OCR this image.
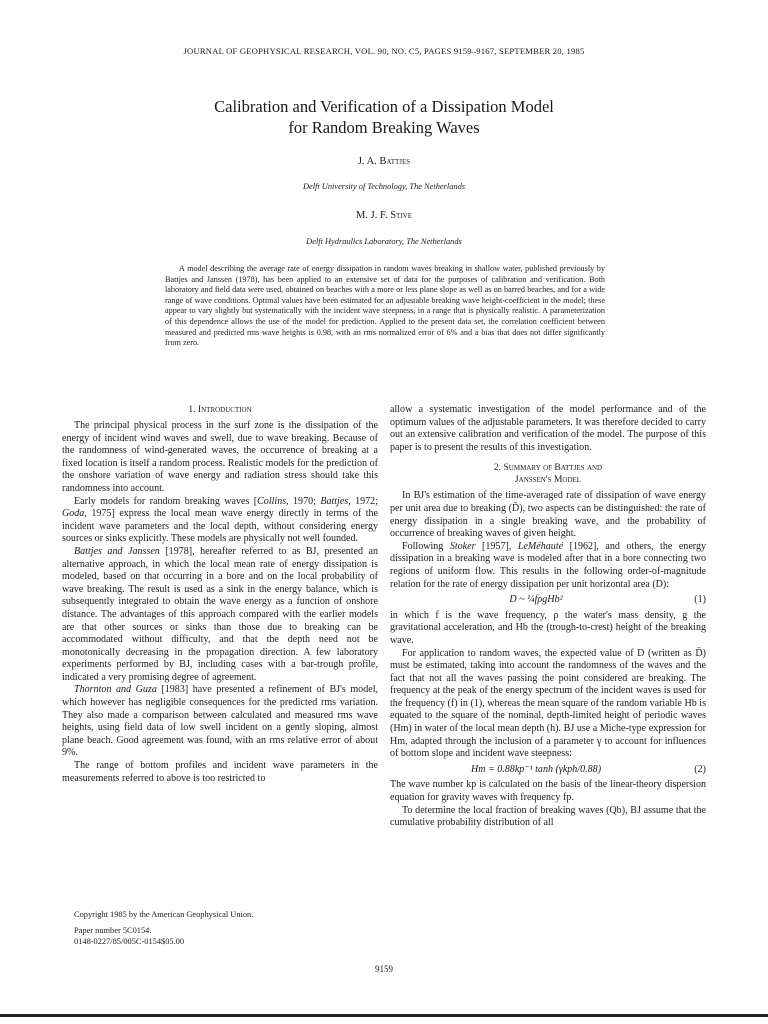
JOURNAL OF GEOPHYSICAL RESEARCH, VOL. 90, NO. C5, PAGES 9159–9167, SEPTEMBER 20, 1985
Calibration and Verification of a Dissipation Model
for Random Breaking Waves
J. A. Battjes
Delft University of Technology, The Netherlands
M. J. F. Stive
Delft Hydraulics Laboratory, The Netherlands
A model describing the average rate of energy dissipation in random waves breaking in shallow water, published previously by Battjes and Janssen (1978), has been applied to an extensive set of data for the purposes of calibration and verification. Both laboratory and field data were used, obtained on beaches with a more or less plane slope as well as on barred beaches, and for a wide range of wave conditions. Optimal values have been estimated for an adjustable breaking wave height-coefficient in the model; these appear to vary slightly but systematically with the incident wave steepness, in a range that is physically realistic. A parameterization of this dependence allows the use of the model for prediction. Applied to the present data set, the correlation coefficient between measured and predicted rms wave heights is 0.98, with an rms normalized error of 6% and a bias that does not differ significantly from zero.
1. Introduction

The principal physical process in the surf zone is the dissipation of the energy of incident wind waves and swell, due to wave breaking. Because of the randomness of wind-generated waves, the occurrence of breaking at a fixed location is itself a random process. Realistic models for the prediction of the onshore variation of wave energy and radiation stress should take this randomness into account.

Early models for random breaking waves [Collins, 1970; Battjes, 1972; Goda, 1975] express the local mean wave energy directly in terms of the incident wave parameters and the local depth, without considering energy sources or sinks explicitly. These models are physically not well founded.

Battjes and Janssen [1978], hereafter referred to as BJ, presented an alternative approach, in which the local mean rate of energy dissipation is modeled, based on that occurring in a bore and on the local probability of wave breaking. The result is used as a sink in the energy balance, which is subsequently integrated to obtain the wave energy as a function of onshore distance. The advantages of this approach compared with the earlier models are that other sources or sinks than those due to breaking can be accommodated without difficulty, and that the depth need not be monotonically decreasing in the propagation direction. A few laboratory experiments performed by BJ, including cases with a bar-trough profile, indicated a very promising degree of agreement.

Thornton and Guza [1983] have presented a refinement of BJ's model, which however has negligible consequences for the predicted rms variation. They also made a comparison between calculated and measured rms wave heights, using field data of low swell incident on a gently sloping, almost plane beach. Good agreement was found, with an rms relative error of about 9%.

The range of bottom profiles and incident wave parameters in the measurements referred to above is too restricted to

allow a systematic investigation of the model performance and of the optimum values of the adjustable parameters. It was therefore decided to carry out an extensive calibration and verification of the model. The purpose of this paper is to present the results of this investigation.

2. Summary of Battjes and
Janssen's Model

In BJ's estimation of the time-averaged rate of dissipation of wave energy per unit area due to breaking (D̄), two aspects can be distinguished: the rate of energy dissipation in a single breaking wave, and the probability of occurrence of breaking waves of given height.

Following Stoker [1957], LeMéhauté [1962], and others, the energy dissipation in a breaking wave is modeled after that in a bore connecting two regions of uniform flow. This results in the following order-of-magnitude relation for the rate of energy dissipation per unit horizontal area (D):

D ~ ¼fρgHb²	(1)

in which f is the wave frequency, ρ the water's mass density, g the gravitational acceleration, and Hb the (trough-to-crest) height of the breaking wave.

For application to random waves, the expected value of D (written as D̄) must be estimated, taking into account the randomness of the waves and the fact that not all the waves passing the point considered are breaking. The frequency at the peak of the energy spectrum of the incident waves is used for the frequency (f) in (1), whereas the mean square of the random variable Hb is equated to the square of the nominal, depth-limited height of periodic waves (Hm) in water of the local mean depth (h). BJ use a Miche-type expression for Hm, adapted through the inclusion of a parameter γ to account for influences of bottom slope and incident wave steepness:

Hm = 0.88kp⁻¹ tanh (γkph/0.88)	(2)

The wave number kp is calculated on the basis of the linear-theory dispersion equation for gravity waves with frequency fp.

To determine the local fraction of breaking waves (Qb), BJ assume that the cumulative probability distribution of all

Copyright 1985 by the American Geophysical Union.
Paper number 5C0154.
0148-0227/85/005C-0154$05.00
9159
